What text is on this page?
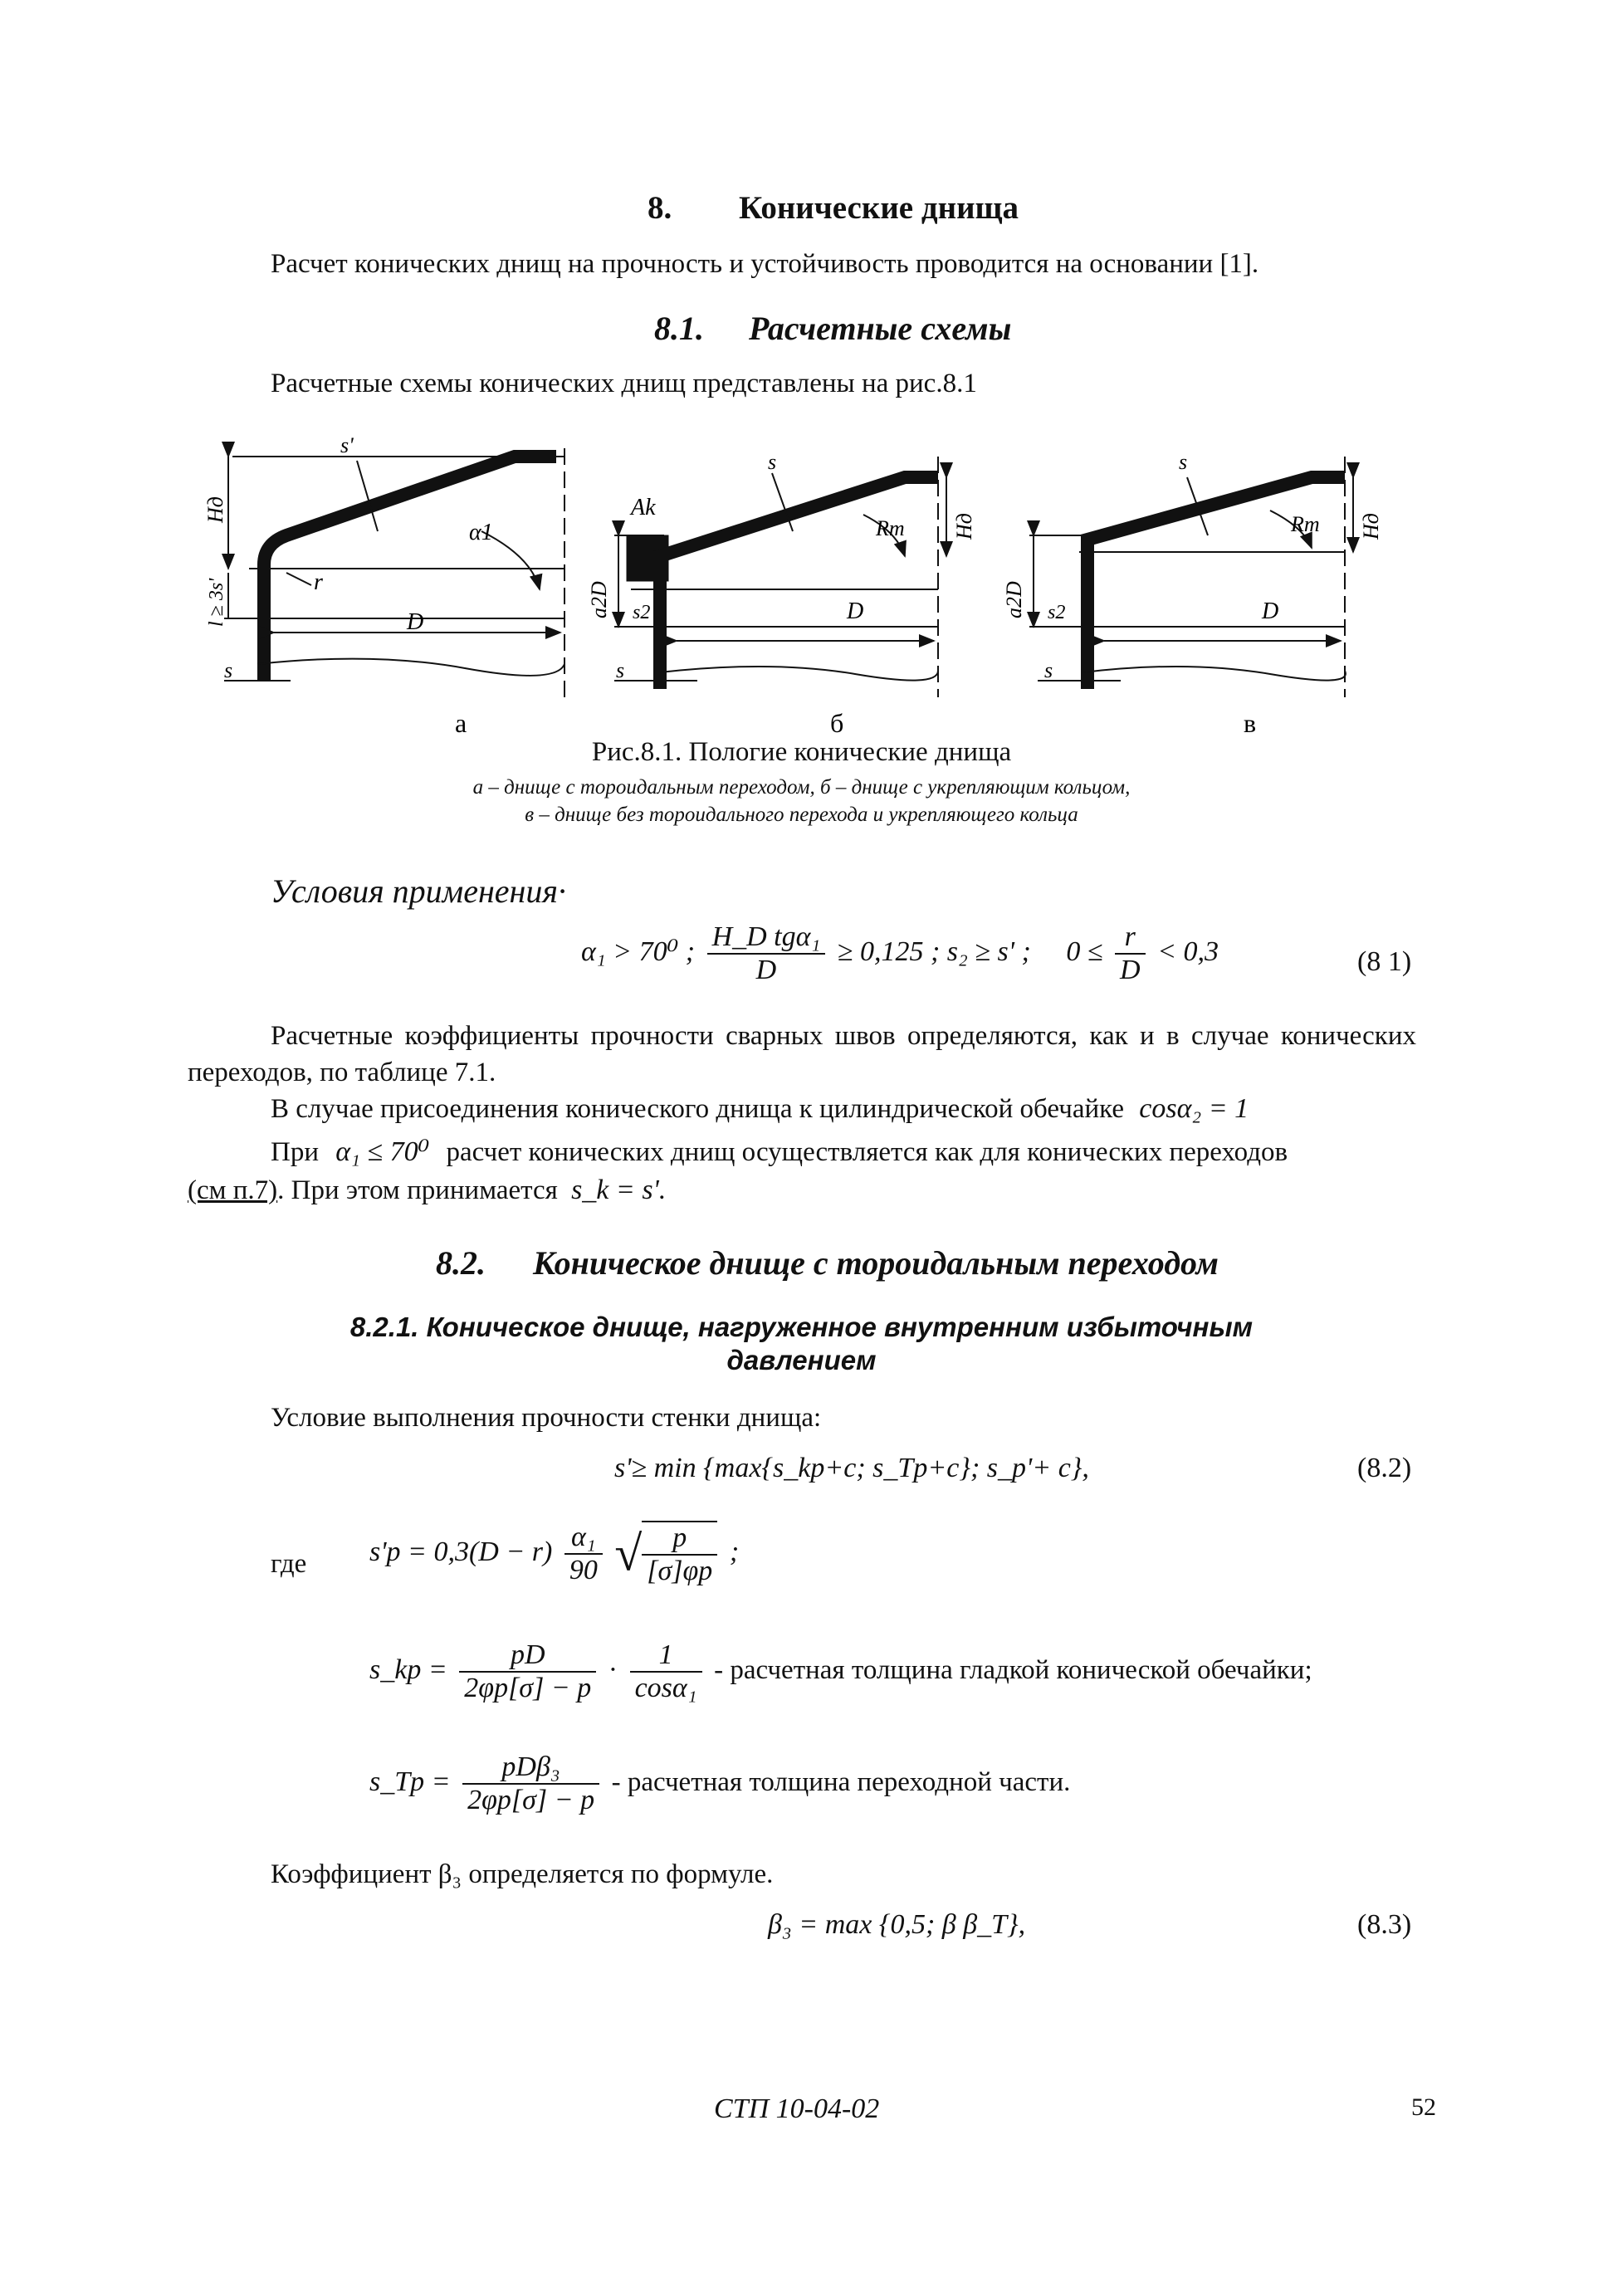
8. Конические днища
Расчет конических днищ на прочность и устойчивость проводится на основании [1].
8.1. Расчетные схемы
Расчетные схемы конических днищ представлены на рис.8.1
s'
Hд
l ≥ 3s'
α1
r
D
s
Ak
s
Rт Hд
a2D s2	D
s
s
Rт Hд
a2D s2	D
s
а	б	в
Рис.8.1. Пологие конические днища
а – днище с тороидальным переходом, б – днище с укрепляющим кольцом,
в – днище без тороидального перехода и укрепляющего кольца
Условия применения·
α₁ > 70⁰ ; $\frac{\text{H\_D tgα₁}}{D} \ge 0,125$ ; s₂ ≥ s' ; $0 \le \frac{r}{D} < 0,3$	(8 1)
Расчетные коэффициенты прочности сварных швов определяются, как и в случае конических переходов, по таблице 7.1.
В случае присоединения конического днища к цилиндрической обечайке cosα₂ = 1
При α₁ ≤ 70⁰ расчет конических днищ осуществляется как для конических переходов
(см п.7). При этом принимается s_k = s'.
8.2. Коническое днище с тороидальным переходом
8.2.1. Коническое днище, нагруженное внутренним избыточным
давлением
Условие выполнения прочности стенки днища:
s'≥ min {max{s_kp+c; s_Tp+c}; s_p'+ c},	(8.2)
где $s'p = 0,3(D - r) \frac{\text{α₁}}{90}$ √ $\frac{p}{[\sigma]\varphi p}$ ;
s_kp = $\frac{pD}{2\varphi p[\sigma] - p} \cdot \frac{1}{\text{cosα₁}}$ - расчетная толщина гладкой конической обечайки;
s_Tp = $\frac{\text{pDβ₃}}{2\varphi p[\sigma] - p}$ - расчетная толщина переходной части.
Коэффициент β₃ определяется по формуле.
β₃ = max {0,5; β β_T},	(8.3)
СТП 10-04-02	52
